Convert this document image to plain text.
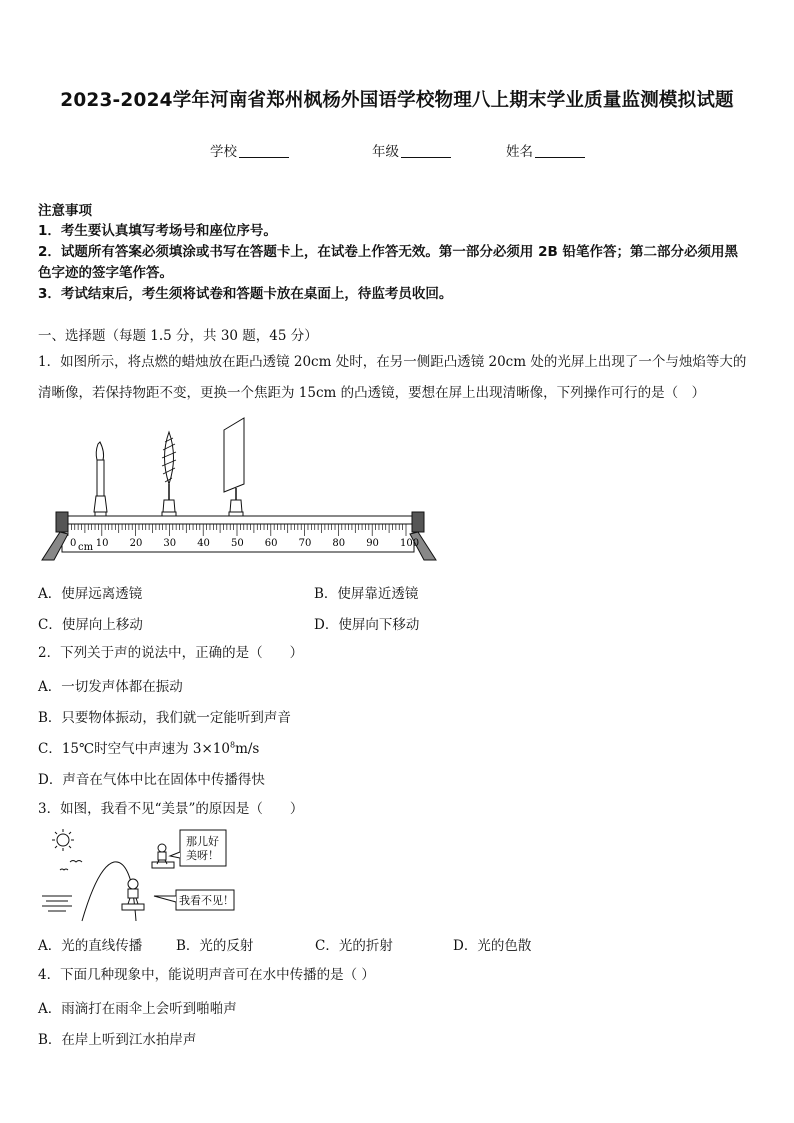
2023-2024学年河南省郑州枫杨外国语学校物理八上期末学业质量监测模拟试题
学校	年级	姓名
注意事项
1．考生要认真填写考场号和座位序号。
2．试题所有答案必须填涂或书写在答题卡上，在试卷上作答无效。第一部分必须用 2B 铅笔作答；第二部分必须用黑
色字迹的签字笔作答。
3．考试结束后，考生须将试卷和答题卡放在桌面上，待监考员收回。
一、选择题（每题 1.5 分，共 30 题，45 分）
1．如图所示，将点燃的蜡烛放在距凸透镜 20cm 处时，在另一侧距凸透镜 20cm 处的光屏上出现了一个与烛焰等大的
清晰像，若保持物距不变，更换一个焦距为 15cm 的凸透镜，要想在屏上出现清晰像，下列操作可行的是（　）
0 cm 10 20 30 40 50 60 70 80 90 100
A．使屏远离透镜	B．使屏靠近透镜
C．使屏向上移动	D．使屏向下移动
2．下列关于声的说法中，正确的是（　　）
A．一切发声体都在振动
B．只要物体振动，我们就一定能听到声音
C．15℃时空气中声速为 $3\times 10^8m/s$
D．声音在气体中比在固体中传播得快
3．如图，我看不见“美景”的原因是（　　）
那儿好
美呀！
我看不见！
A．光的直线传播	B．光的反射	C．光的折射	D．光的色散
4．下面几种现象中，能说明声音可在水中传播的是（ ）
A．雨滴打在雨伞上会听到啪啪声
B．在岸上听到江水拍岸声
